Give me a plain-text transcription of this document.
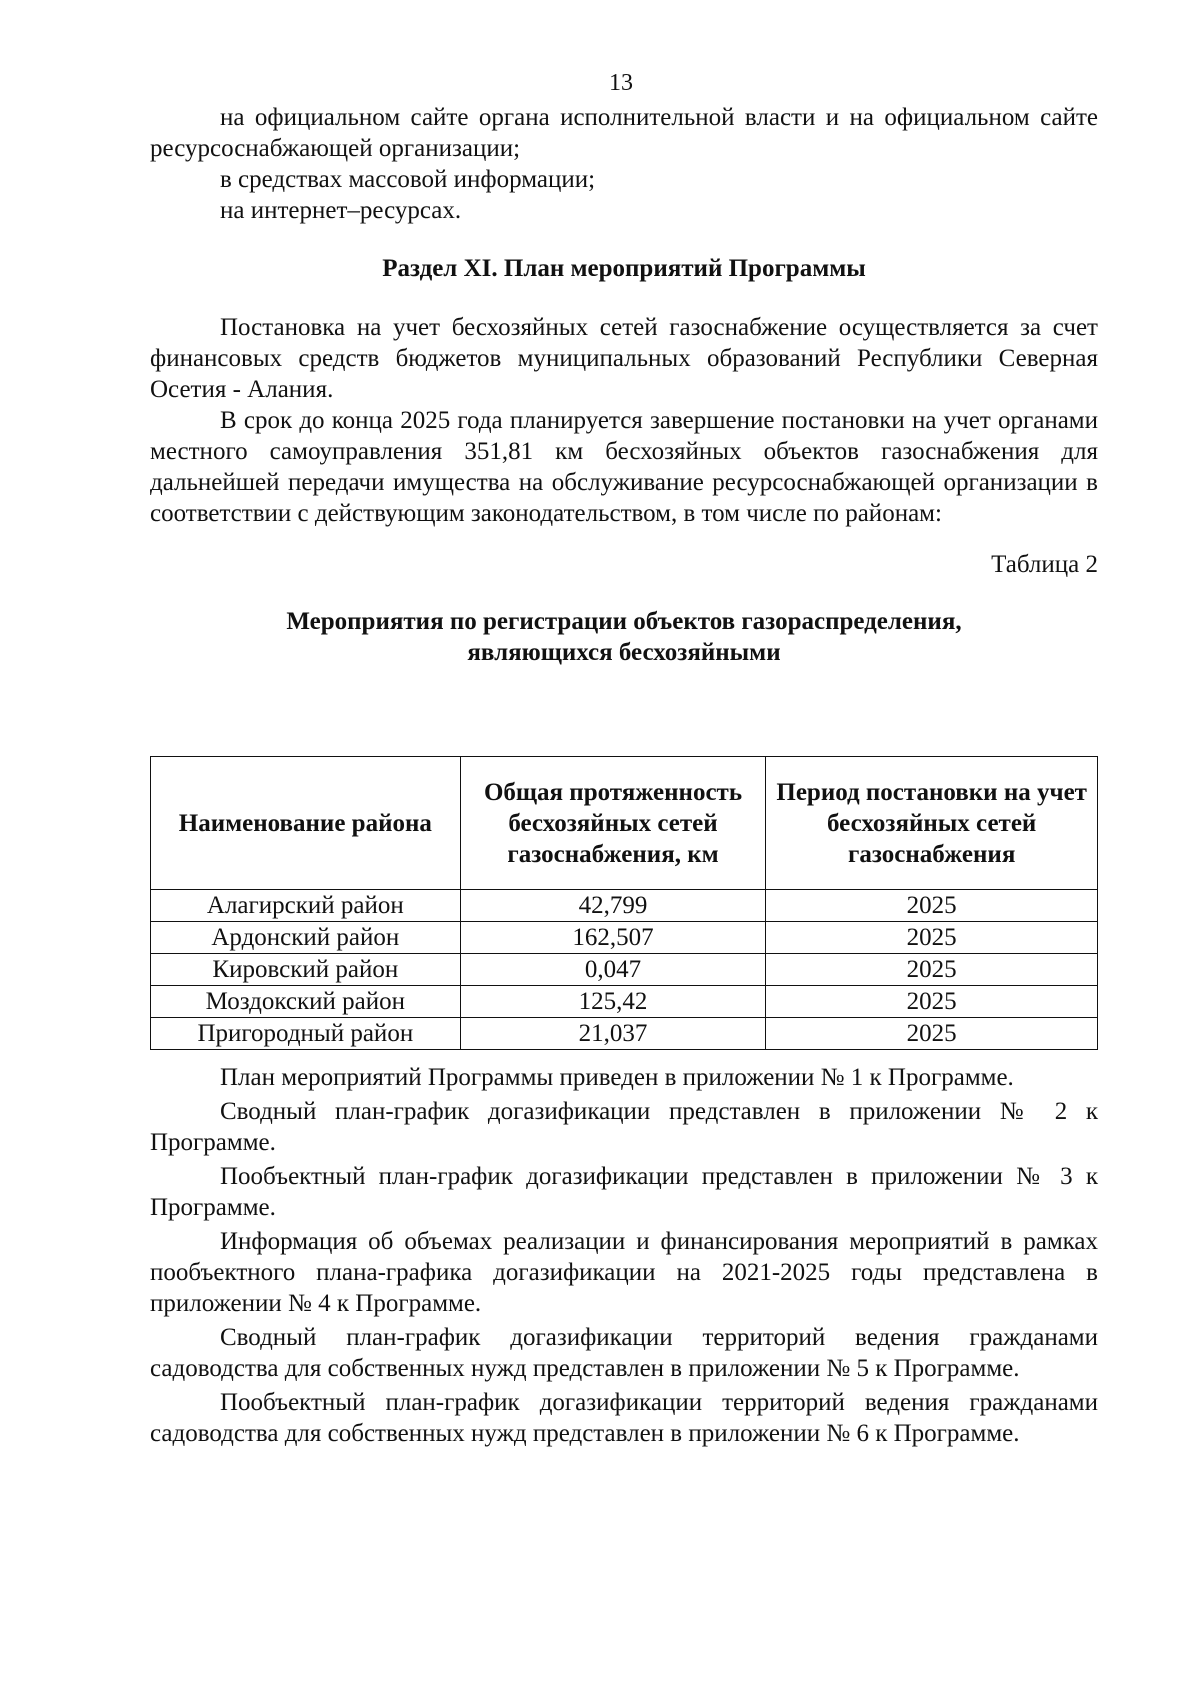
13

на официальном сайте органа исполнительной власти и на официальном сайте ресурсоснабжающей организации;

в средствах массовой информации;

на интернет–ресурсах.

Раздел XI. План мероприятий Программы

Постановка на учет бесхозяйных сетей газоснабжение осуществляется за счет финансовых средств бюджетов муниципальных образований Республики Северная Осетия - Алания.

В срок до конца 2025 года планируется завершение постановки на учет органами местного самоуправления 351,81 км бесхозяйных объектов газоснабжения для дальнейшей передачи имущества на обслуживание ресурсоснабжающей организации в соответствии с действующим законодательством, в том числе по районам:

Таблица 2
Мероприятия по регистрации объектов газораспределения,
являющихся бесхозяйными
Наименование района	Общая протяженность бесхозяйных сетей газоснабжения, км	Период постановки на учет бесхозяйных сетей газоснабжения
Алагирский район	42,799	2025
Ардонский район	162,507	2025
Кировский район	0,047	2025
Моздокский район	125,42	2025
Пригородный район	21,037	2025

План мероприятий Программы приведен в приложении № 1 к Программе.

Сводный план-график догазификации представлен в приложении № 2 к Программе.

Пообъектный план-график догазификации представлен в приложении № 3 к Программе.

Информация об объемах реализации и финансирования мероприятий в рамках пообъектного плана-графика догазификации на 2021-2025 годы представлена в приложении № 4 к Программе.

Сводный план-график догазификации территорий ведения гражданами садоводства для собственных нужд представлен в приложении № 5 к Программе.

Пообъектный план-график догазификации территорий ведения гражданами садоводства для собственных нужд представлен в приложении № 6 к Программе.
